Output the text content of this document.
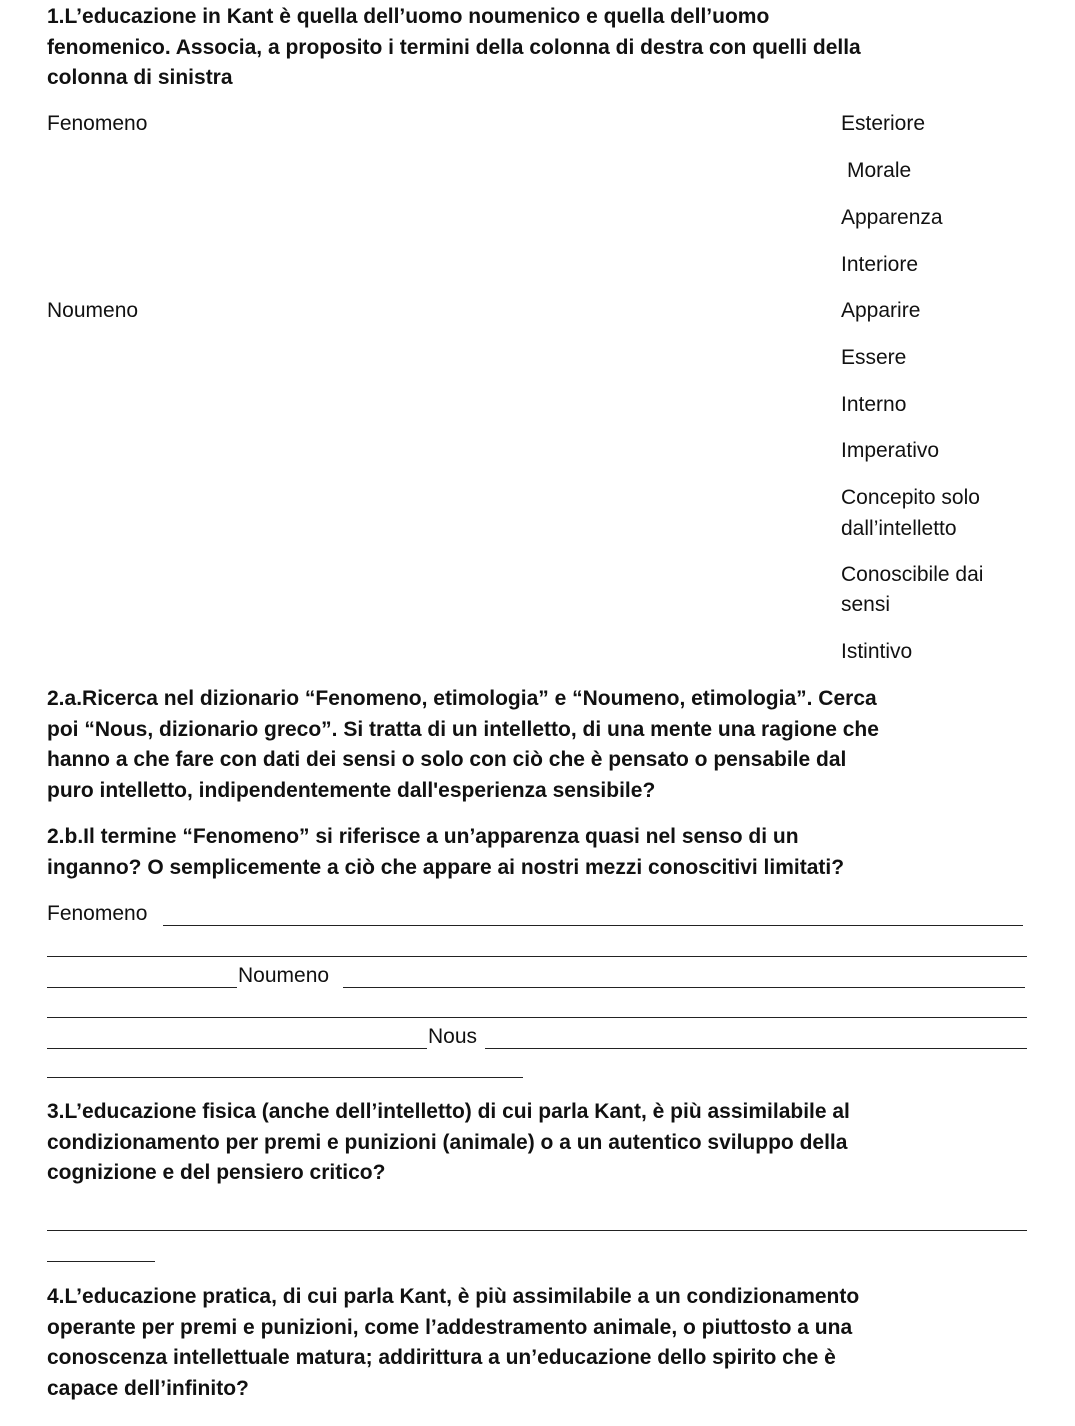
1.L’educazione in Kant è quella dell’uomo noumenico e quella dell’uomo

fenomenico. Associa, a proposito i termini della colonna di destra con quelli della

colonna di sinistra

Fenomeno
Noumeno
Esteriore
Morale
Apparenza
Interiore
Apparire
Essere
Interno
Imperativo
Concepito solo
dall’intelletto
Conoscibile dai
sensi
Istintivo

2.a.Ricerca nel dizionario “Fenomeno, etimologia” e “Noumeno, etimologia”. Cerca

poi “Nous, dizionario greco”. Si tratta di un intelletto, di una mente una ragione che

hanno a che fare con dati dei sensi o solo con ciò che è pensato o pensabile dal

puro intelletto, indipendentemente dall'esperienza sensibile?

2.b.Il termine “Fenomeno” si riferisce a un’apparenza quasi nel senso di un

inganno? O semplicemente a ciò che appare ai nostri mezzi conoscitivi limitati?

Fenomeno
Noumeno
Nous

3.L’educazione fisica (anche dell’intelletto) di cui parla Kant, è più assimilabile al

condizionamento per premi e punizioni (animale) o a un autentico sviluppo della

cognizione e del pensiero critico?

4.L’educazione pratica, di cui parla Kant, è più assimilabile a un condizionamento

operante per premi e punizioni, come l’addestramento animale, o piuttosto a una

conoscenza intellettuale matura; addirittura a un’educazione dello spirito che è

capace dell’infinito?
